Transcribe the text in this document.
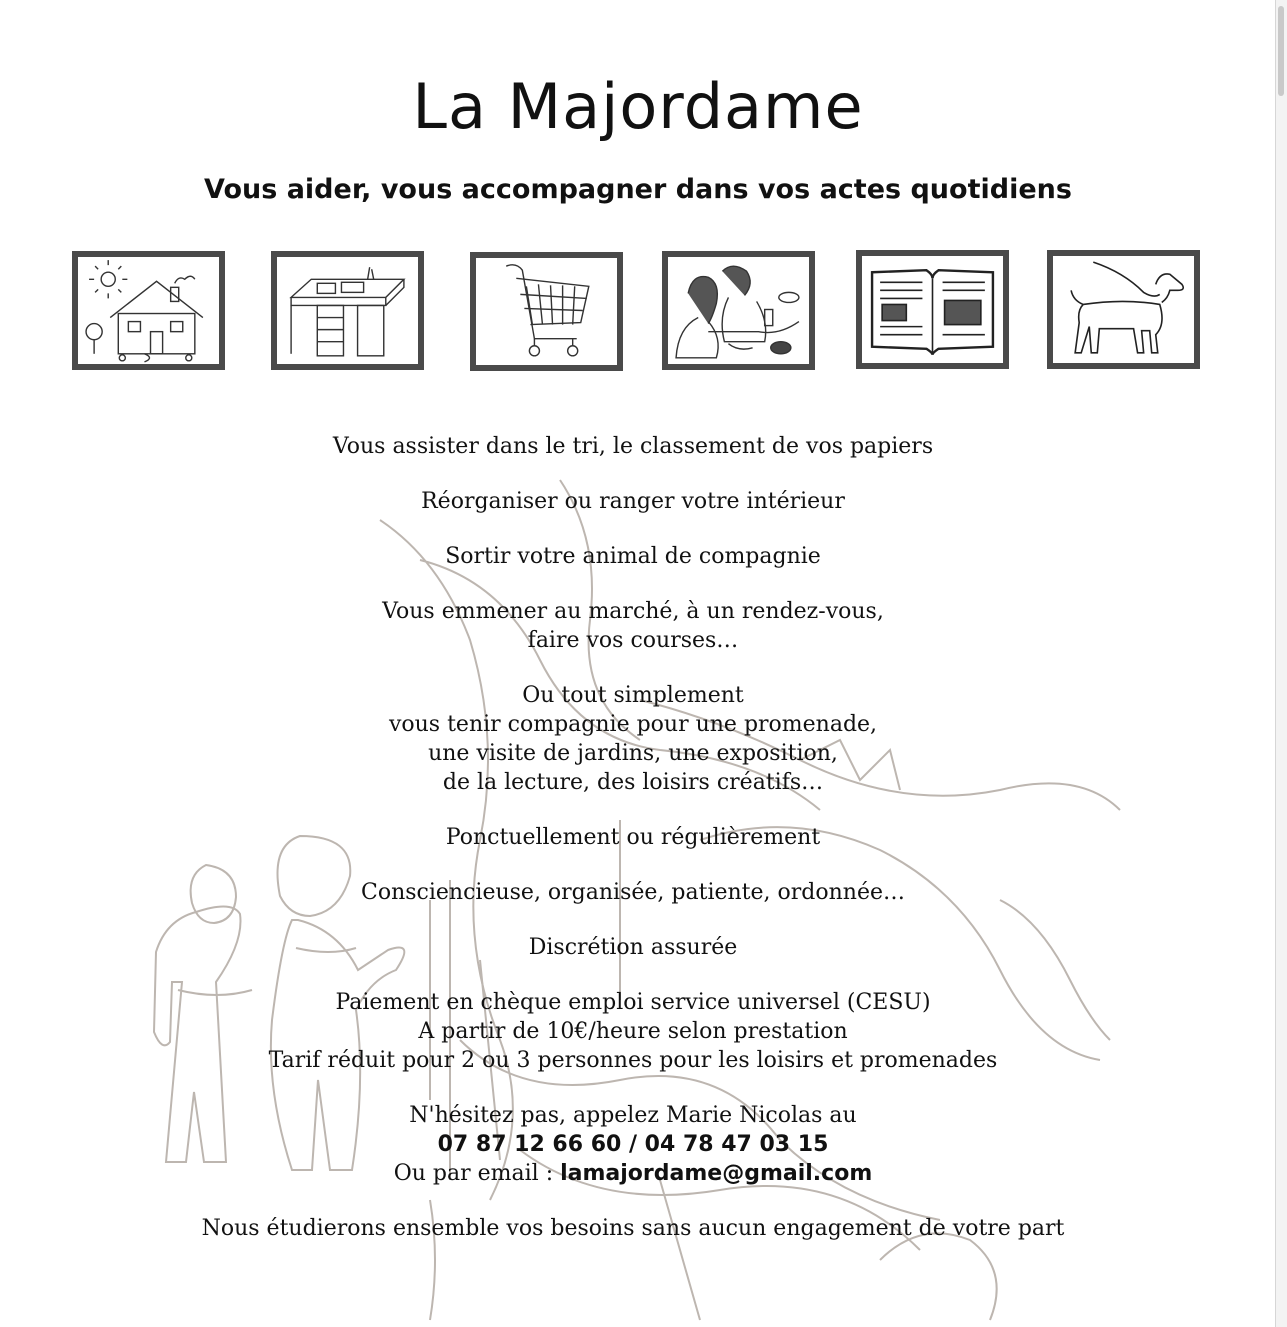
La Majordame
Vous aider, vous accompagner dans vos actes quotidiens
Vous assister dans le tri, le classement de vos papiers
Réorganiser ou ranger votre intérieur
Sortir votre animal de compagnie
Vous emmener au marché, à un rendez-vous,
faire vos courses…
Ou tout simplement
vous tenir compagnie pour une promenade,
une visite de jardins, une exposition,
de la lecture, des loisirs créatifs…
Ponctuellement ou régulièrement
Consciencieuse, organisée, patiente, ordonnée…
Discrétion assurée
Paiement en chèque emploi service universel (CESU)
A partir de 10€/heure selon prestation
Tarif réduit pour 2 ou 3 personnes pour les loisirs et promenades
N'hésitez pas, appelez Marie Nicolas au
07 87 12 66 60 / 04 78 47 03 15
Ou par email : lamajordame@gmail.com
Nous étudierons ensemble vos besoins sans aucun engagement de votre part
